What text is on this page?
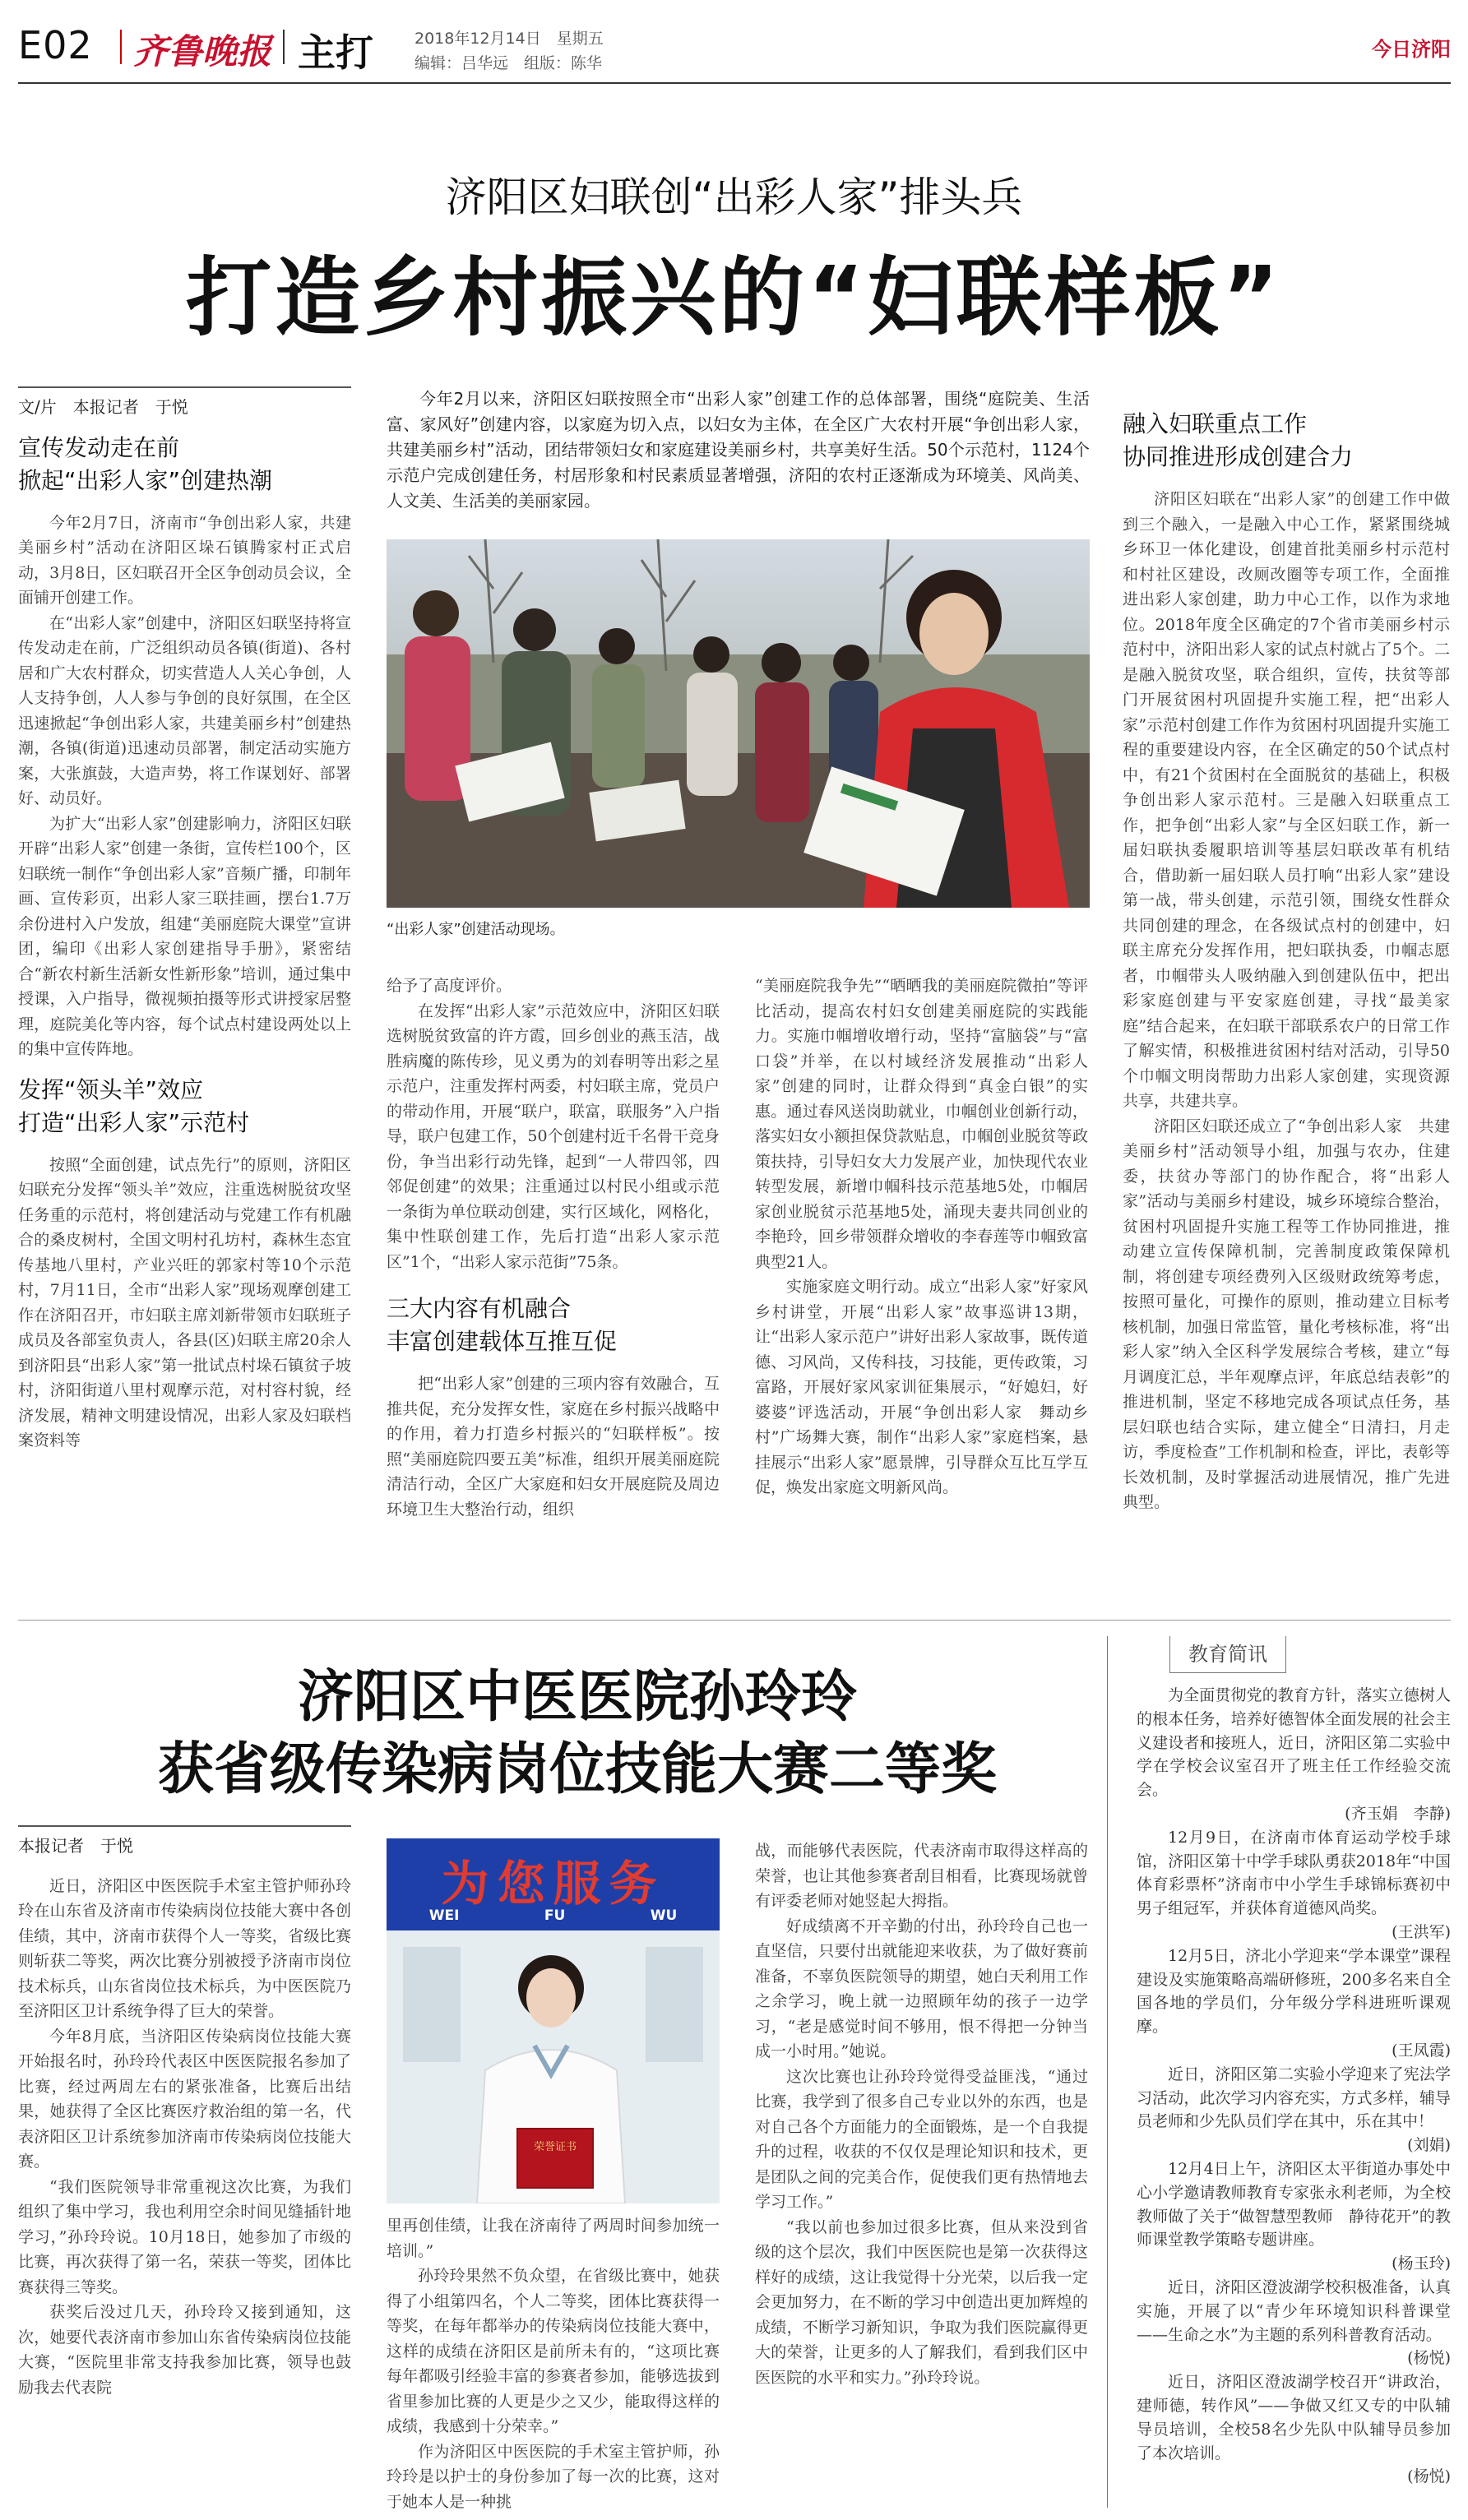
E02 齐鲁晚报 主打	2018年12月14日　星期五
编辑：吕华远　组版：陈华
今日济阳
济阳区妇联创“出彩人家”排头兵
打造乡村振兴的“妇联样板”
文/片　本报记者　于悦
宣传发动走在前
掀起“出彩人家”创建热潮

今年2月7日，济南市“争创出彩人家，共建美丽乡村”活动在济阳区垛石镇腾家村正式启动，3月8日，区妇联召开全区争创动员会议，全面铺开创建工作。

在“出彩人家”创建中，济阳区妇联坚持将宣传发动走在前，广泛组织动员各镇(街道)、各村居和广大农村群众，切实营造人人关心争创，人人支持争创，人人参与争创的良好氛围，在全区迅速掀起“争创出彩人家，共建美丽乡村”创建热潮，各镇(街道)迅速动员部署，制定活动实施方案，大张旗鼓，大造声势，将工作谋划好、部署好、动员好。

为扩大“出彩人家”创建影响力，济阳区妇联开辟“出彩人家”创建一条街，宣传栏100个，区妇联统一制作“争创出彩人家”音频广播，印制年画、宣传彩页，出彩人家三联挂画，摆台1.7万余份进村入户发放，组建“美丽庭院大课堂”宣讲团，编印《出彩人家创建指导手册》，紧密结合“新农村新生活新女性新形象”培训，通过集中授课，入户指导，微视频拍摄等形式讲授家居整理，庭院美化等内容，每个试点村建设两处以上的集中宣传阵地。

发挥“领头羊”效应
打造“出彩人家”示范村

按照“全面创建，试点先行”的原则，济阳区妇联充分发挥“领头羊”效应，注重选树脱贫攻坚任务重的示范村，将创建活动与党建工作有机融合的桑皮树村，全国文明村孔坊村，森林生态宜传基地八里村，产业兴旺的郭家村等10个示范村，7月11日，全市“出彩人家”现场观摩创建工作在济阳召开，市妇联主席刘新带领市妇联班子成员及各部室负责人，各县(区)妇联主席20余人到济阳县“出彩人家”第一批试点村垛石镇贫子坡村，济阳街道八里村观摩示范，对村容村貌，经济发展，精神文明建设情况，出彩人家及妇联档案资料等

今年2月以来，济阳区妇联按照全市“出彩人家”创建工作的总体部署，围绕“庭院美、生活富、家风好”创建内容，以家庭为切入点，以妇女为主体，在全区广大农村开展“争创出彩人家，共建美丽乡村”活动，团结带领妇女和家庭建设美丽乡村，共享美好生活。50个示范村，1124个示范户完成创建任务，村居形象和村民素质显著增强，济阳的农村正逐渐成为环境美、风尚美、人文美、生活美的美丽家园。
“出彩人家”创建活动现场。

给予了高度评价。

在发挥“出彩人家”示范效应中，济阳区妇联选树脱贫致富的许方霞，回乡创业的燕玉洁，战胜病魔的陈传珍，见义勇为的刘春明等出彩之星示范户，注重发挥村两委，村妇联主席，党员户的带动作用，开展“联户，联富，联服务”入户指导，联户包建工作，50个创建村近千名骨干竞身份，争当出彩行动先锋，起到“一人带四邻，四邻促创建”的效果；注重通过以村民小组或示范一条街为单位联动创建，实行区域化，网格化，集中性联创建工作，先后打造“出彩人家示范区”1个，“出彩人家示范街”75条。

三大内容有机融合
丰富创建载体互推互促

把“出彩人家”创建的三项内容有效融合，互推共促，充分发挥女性，家庭在乡村振兴战略中的作用，着力打造乡村振兴的“妇联样板”。按照“美丽庭院四要五美”标准，组织开展美丽庭院清洁行动，全区广大家庭和妇女开展庭院及周边环境卫生大整治行动，组织

“美丽庭院我争先”“晒晒我的美丽庭院微拍”等评比活动，提高农村妇女创建美丽庭院的实践能力。实施巾帼增收增行动，坚持“富脑袋”与“富口袋”并举，在以村域经济发展推动“出彩人家”创建的同时，让群众得到“真金白银”的实惠。通过春风送岗助就业，巾帼创业创新行动，落实妇女小额担保贷款贴息，巾帼创业脱贫等政策扶持，引导妇女大力发展产业，加快现代农业转型发展，新增巾帼科技示范基地5处，巾帼居家创业脱贫示范基地5处，涌现夫妻共同创业的李艳玲，回乡带领群众增收的李春莲等巾帼致富典型21人。

实施家庭文明行动。成立“出彩人家”好家风乡村讲堂，开展“出彩人家”故事巡讲13期，让“出彩人家示范户”讲好出彩人家故事，既传道德、习风尚，又传科技，习技能，更传政策，习富路，开展好家风家训征集展示，“好媳妇，好婆婆”评选活动，开展“争创出彩人家　舞动乡村”广场舞大赛，制作“出彩人家”家庭档案，悬挂展示“出彩人家”愿景牌，引导群众互比互学互促，焕发出家庭文明新风尚。

融入妇联重点工作
协同推进形成创建合力

济阳区妇联在“出彩人家”的创建工作中做到三个融入，一是融入中心工作，紧紧围绕城乡环卫一体化建设，创建首批美丽乡村示范村和村社区建设，改厕改圈等专项工作，全面推进出彩人家创建，助力中心工作，以作为求地位。2018年度全区确定的7个省市美丽乡村示范村中，济阳出彩人家的试点村就占了5个。二是融入脱贫攻坚，联合组织，宣传，扶贫等部门开展贫困村巩固提升实施工程，把“出彩人家”示范村创建工作作为贫困村巩固提升实施工程的重要建设内容，在全区确定的50个试点村中，有21个贫困村在全面脱贫的基础上，积极争创出彩人家示范村。三是融入妇联重点工作，把争创“出彩人家”与全区妇联工作，新一届妇联执委履职培训等基层妇联改革有机结合，借助新一届妇联人员打响“出彩人家”建设第一战，带头创建，示范引领，围绕女性群众共同创建的理念，在各级试点村的创建中，妇联主席充分发挥作用，把妇联执委，巾帼志愿者，巾帼带头人吸纳融入到创建队伍中，把出彩家庭创建与平安家庭创建，寻找“最美家庭”结合起来，在妇联干部联系农户的日常工作了解实情，积极推进贫困村结对活动，引导50个巾帼文明岗帮助力出彩人家创建，实现资源共享，共建共享。

济阳区妇联还成立了“争创出彩人家　共建美丽乡村”活动领导小组，加强与农办，住建委，扶贫办等部门的协作配合，将“出彩人家”活动与美丽乡村建设，城乡环境综合整治，贫困村巩固提升实施工程等工作协同推进，推动建立宣传保障机制，完善制度政策保障机制，将创建专项经费列入区级财政统筹考虑，按照可量化，可操作的原则，推动建立目标考核机制，加强日常监管，量化考核标准，将“出彩人家”纳入全区科学发展综合考核，建立“每月调度汇总，半年观摩点评，年底总结表彰”的推进机制，坚定不移地完成各项试点任务，基层妇联也结合实际，建立健全“日清扫，月走访，季度检查”工作机制和检查，评比，表彰等长效机制，及时掌握活动进展情况，推广先进典型。

济阳区中医医院孙玲玲
获省级传染病岗位技能大赛二等奖
本报记者　于悦

近日，济阳区中医医院手术室主管护师孙玲玲在山东省及济南市传染病岗位技能大赛中各创佳绩，其中，济南市获得个人一等奖，省级比赛则斩获二等奖，两次比赛分别被授予济南市岗位技术标兵，山东省岗位技术标兵，为中医医院乃至济阳区卫计系统争得了巨大的荣誉。

今年8月底，当济阳区传染病岗位技能大赛开始报名时，孙玲玲代表区中医医院报名参加了比赛，经过两周左右的紧张准备，比赛后出结果，她获得了全区比赛医疗救治组的第一名，代表济阳区卫计系统参加济南市传染病岗位技能大赛。

“我们医院领导非常重视这次比赛，为我们组织了集中学习，我也利用空余时间见缝插针地学习，”孙玲玲说。10月18日，她参加了市级的比赛，再次获得了第一名，荣获一等奖，团体比赛获得三等奖。

获奖后没过几天，孙玲玲又接到通知，这次，她要代表济南市参加山东省传染病岗位技能大赛，“医院里非常支持我参加比赛，领导也鼓励我去代表院

为您服务
WEI	FU	WU
荣誉证书

里再创佳绩，让我在济南待了两周时间参加统一培训。”

孙玲玲果然不负众望，在省级比赛中，她获得了小组第四名，个人二等奖，团体比赛获得一等奖，在每年都举办的传染病岗位技能大赛中，这样的成绩在济阳区是前所未有的，“这项比赛每年都吸引经验丰富的参赛者参加，能够选拔到省里参加比赛的人更是少之又少，能取得这样的成绩，我感到十分荣幸。”

作为济阳区中医医院的手术室主管护师，孙玲玲是以护士的身份参加了每一次的比赛，这对于她本人是一种挑

战，而能够代表医院，代表济南市取得这样高的荣誉，也让其他参赛者刮目相看，比赛现场就曾有评委老师对她竖起大拇指。

好成绩离不开辛勤的付出，孙玲玲自己也一直坚信，只要付出就能迎来收获，为了做好赛前准备，不辜负医院领导的期望，她白天利用工作之余学习，晚上就一边照顾年幼的孩子一边学习，“老是感觉时间不够用，恨不得把一分钟当成一小时用。”她说。

这次比赛也让孙玲玲觉得受益匪浅，“通过比赛，我学到了很多自己专业以外的东西，也是对自己各个方面能力的全面锻炼，是一个自我提升的过程，收获的不仅仅是理论知识和技术，更是团队之间的完美合作，促使我们更有热情地去学习工作。”

“我以前也参加过很多比赛，但从来没到省级的这个层次，我们中医医院也是第一次获得这样好的成绩，这让我觉得十分光荣，以后我一定会更加努力，在不断的学习中创造出更加辉煌的成绩，不断学习新知识，争取为我们医院赢得更大的荣誉，让更多的人了解我们，看到我们区中医医院的水平和实力。”孙玲玲说。

教育简讯

为全面贯彻党的教育方针，落实立德树人的根本任务，培养好德智体全面发展的社会主义建设者和接班人，近日，济阳区第二实验中学在学校会议室召开了班主任工作经验交流会。

(齐玉娟　李静)

12月9日，在济南市体育运动学校手球馆，济阳区第十中学手球队勇获2018年“中国体育彩票杯”济南市中小学生手球锦标赛初中男子组冠军，并获体育道德风尚奖。

(王洪军)

12月5日，济北小学迎来“学本课堂”课程建设及实施策略高端研修班，200多名来自全国各地的学员们，分年级分学科进班听课观摩。

(王凤霞)

近日，济阳区第二实验小学迎来了宪法学习活动，此次学习内容充实，方式多样，辅导员老师和少先队员们学在其中，乐在其中！

(刘娟)

12月4日上午，济阳区太平街道办事处中心小学邀请教师教育专家张永利老师，为全校教师做了关于“做智慧型教师　静待花开”的教师课堂教学策略专题讲座。

(杨玉玲)

近日，济阳区澄波湖学校积极准备，认真实施，开展了以“青少年环境知识科普课堂——生命之水”为主题的系列科普教育活动。

(杨悦)

近日，济阳区澄波湖学校召开“讲政治，建师德，转作风”——争做又红又专的中队辅导员培训，全校58名少先队中队辅导员参加了本次培训。

(杨悦)
